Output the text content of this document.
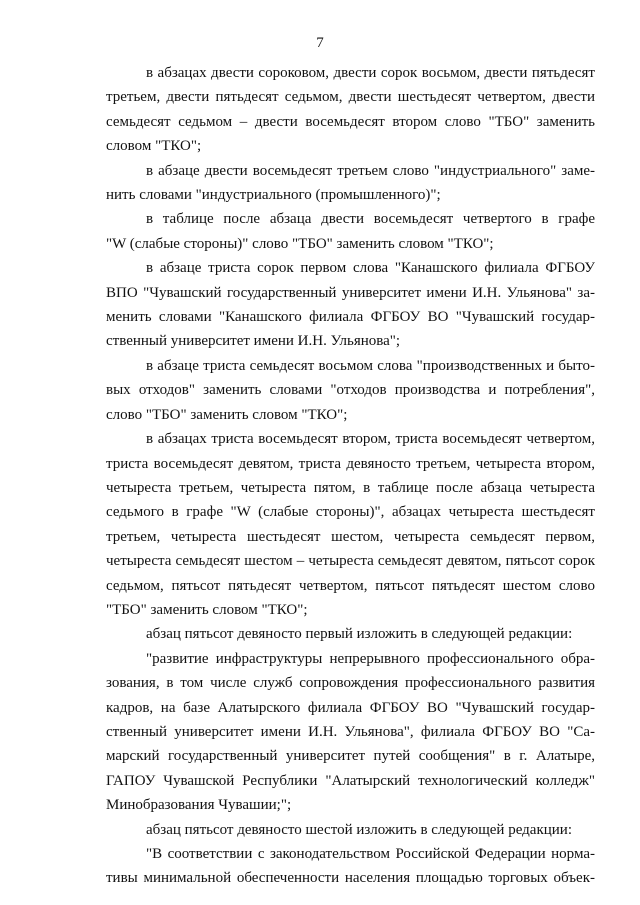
7
в абзацах двести сороковом, двести сорок восьмом, двести пятьдесят
третьем, двести пятьдесят седьмом, двести шестьдесят четвертом, двести
семьдесят седьмом – двести восемьдесят втором слово "ТБО" заменить
словом "ТКО";
в абзаце двести восемьдесят третьем слово "индустриального" заме-
нить словами "индустриального (промышленного)";
в таблице после абзаца двести восемьдесят четвертого в графе
"W (слабые стороны)" слово "ТБО" заменить словом "ТКО";
в абзаце триста сорок первом слова "Канашского филиала ФГБОУ
ВПО "Чувашский государственный университет имени И.Н. Ульянова" за-
менить словами "Канашского филиала ФГБОУ ВО "Чувашский государ-
ственный университет имени И.Н. Ульянова";
в абзаце триста семьдесят восьмом слова "производственных и быто-
вых отходов" заменить словами "отходов производства и потребления",
слово "ТБО" заменить словом "ТКО";
в абзацах триста восемьдесят втором, триста восемьдесят четвертом,
триста восемьдесят девятом, триста девяносто третьем, четыреста втором,
четыреста третьем, четыреста пятом, в таблице после абзаца четыреста
седьмого в графе "W (слабые стороны)", абзацах четыреста шестьдесят
третьем, четыреста шестьдесят шестом, четыреста семьдесят первом,
четыреста семьдесят шестом – четыреста семьдесят девятом, пятьсот сорок
седьмом, пятьсот пятьдесят четвертом, пятьсот пятьдесят шестом слово
"ТБО" заменить словом "ТКО";
абзац пятьсот девяносто первый изложить в следующей редакции:
"развитие инфраструктуры непрерывного профессионального обра-
зования, в том числе служб сопровождения профессионального развития
кадров, на базе Алатырского филиала ФГБОУ ВО "Чувашский государ-
ственный университет имени И.Н. Ульянова", филиала ФГБОУ ВО "Са-
марский государственный университет путей сообщения" в г. Алатыре,
ГАПОУ Чувашской Республики "Алатырский технологический колледж"
Минобразования Чувашии;";
абзац пятьсот девяносто шестой изложить в следующей редакции:
"В соответствии с законодательством Российской Федерации норма-
тивы минимальной обеспеченности населения площадью торговых объек-
